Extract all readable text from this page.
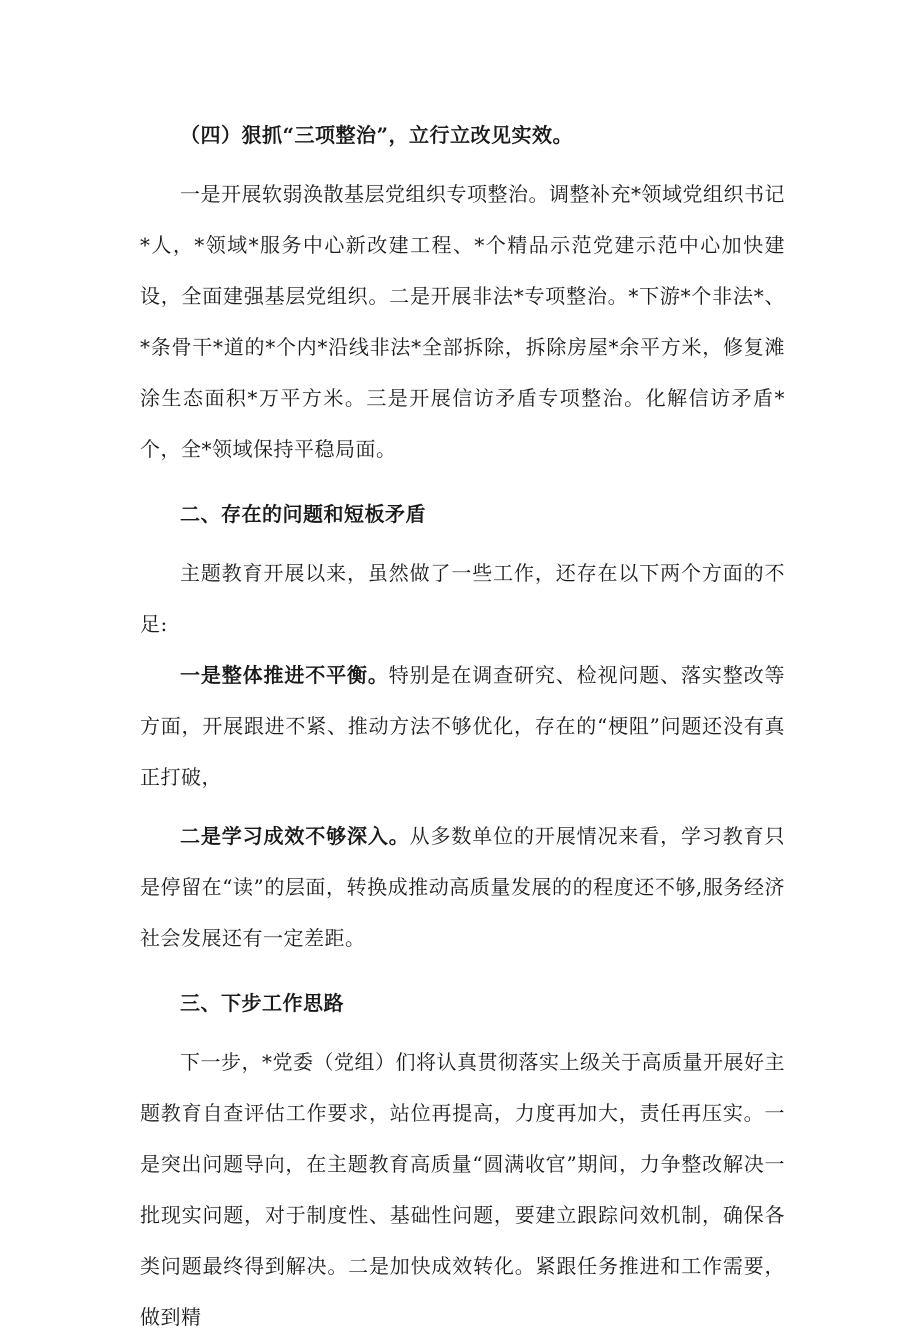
（四）狠抓“三项整治”，立行立改见实效。

一是开展软弱涣散基层党组织专项整治。调整补充*领域党组织书记*人，*领域*服务中心新改建工程、*个精品示范党建示范中心加快建设，全面建强基层党组织。二是开展非法*专项整治。*下游*个非法*、*条骨干*道的*个内*沿线非法*全部拆除，拆除房屋*余平方米，修复滩涂生态面积*万平方米。三是开展信访矛盾专项整治。化解信访矛盾*个，全*领域保持平稳局面。

二、存在的问题和短板矛盾

主题教育开展以来，虽然做了一些工作，还存在以下两个方面的不足:

一是整体推进不平衡。特别是在调查研究、检视问题、落实整改等方面，开展跟进不紧、推动方法不够优化，存在的“梗阻”问题还没有真正打破，

二是学习成效不够深入。从多数单位的开展情况来看，学习教育只是停留在“读”的层面，转换成推动高质量发展的的程度还不够,服务经济社会发展还有一定差距。

三、下步工作思路

下一步，*党委（党组）们将认真贯彻落实上级关于高质量开展好主题教育自查评估工作要求，站位再提高，力度再加大，责任再压实。一是突出问题导向，在主题教育高质量“圆满收官”期间，力争整改解决一批现实问题，对于制度性、基础性问题，要建立跟踪问效机制，确保各类问题最终得到解决。二是加快成效转化。紧跟任务推进和工作需要，做到精
